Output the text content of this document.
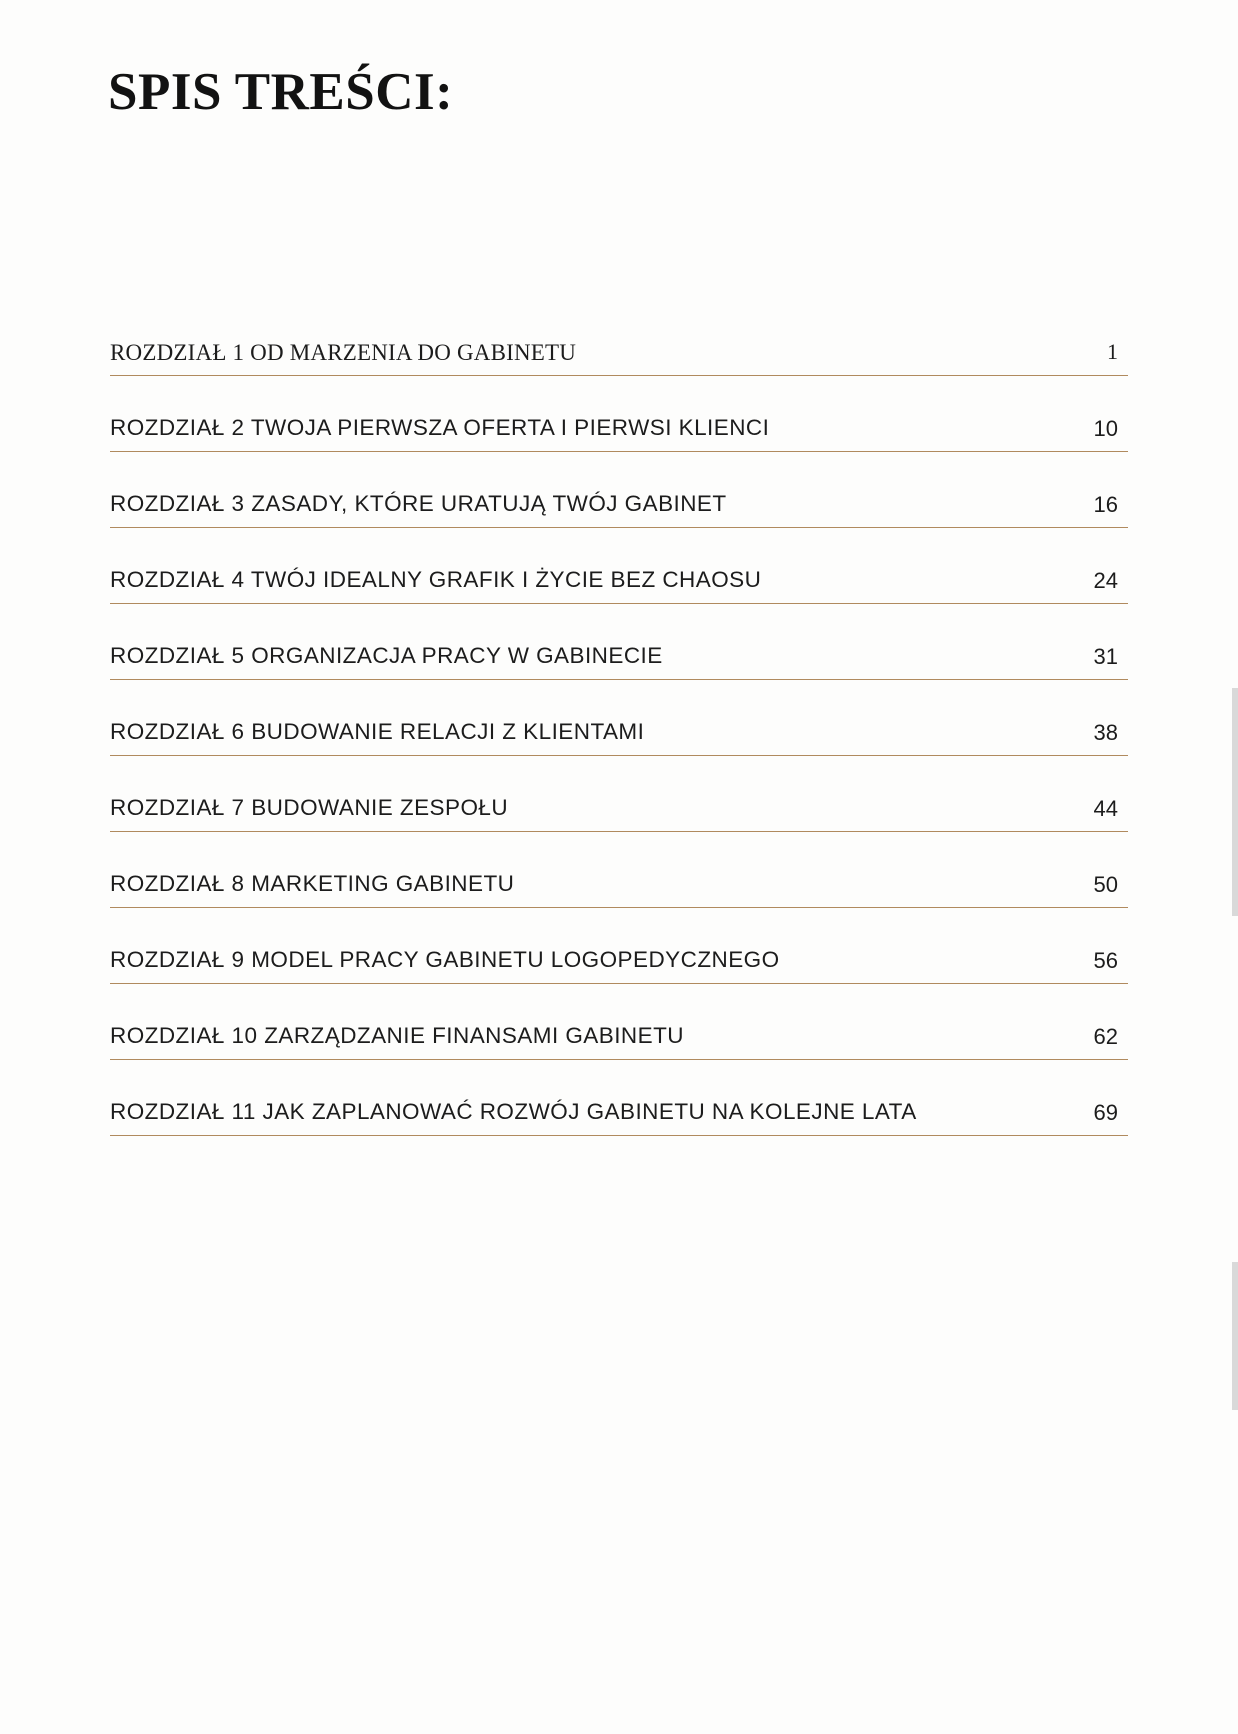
SPIS TREŚCI:
ROZDZIAŁ 1 OD MARZENIA DO GABINETU	1
ROZDZIAŁ 2 TWOJA PIERWSZA OFERTA I PIERWSI KLIENCI	10
ROZDZIAŁ 3 ZASADY, KTÓRE URATUJĄ TWÓJ GABINET	16
ROZDZIAŁ 4 TWÓJ IDEALNY GRAFIK I ŻYCIE BEZ CHAOSU	24
ROZDZIAŁ 5 ORGANIZACJA PRACY W GABINECIE	31
ROZDZIAŁ 6 BUDOWANIE RELACJI Z KLIENTAMI	38
ROZDZIAŁ 7 BUDOWANIE ZESPOŁU	44
ROZDZIAŁ 8 MARKETING GABINETU	50
ROZDZIAŁ 9 MODEL PRACY GABINETU LOGOPEDYCZNEGO	56
ROZDZIAŁ 10 ZARZĄDZANIE FINANSAMI GABINETU	62
ROZDZIAŁ 11 JAK ZAPLANOWAĆ ROZWÓJ GABINETU NA KOLEJNE LATA	69
